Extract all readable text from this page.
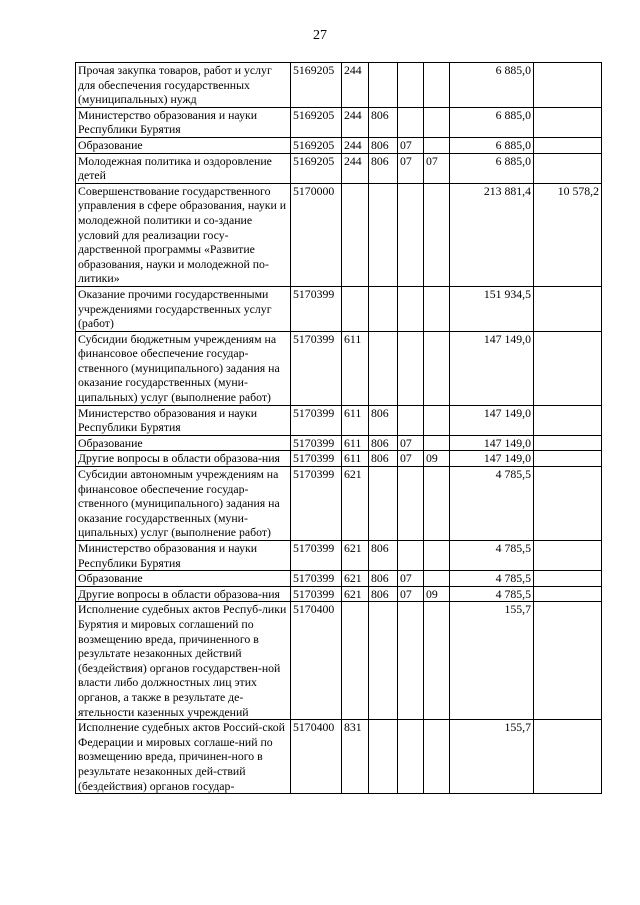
27
Прочая закупка товаров, работ и услуг для обеспечения государственных (муниципальных) нужд	5169205	244				6 885,0	
Министерство образования и науки Республики Бурятия	5169205	244	806			6 885,0	
Образование	5169205	244	806	07		6 885,0	
Молодежная политика и оздоровление детей	5169205	244	806	07	07	6 885,0	
Совершенствование государственного управления в сфере образования, науки и молодежной политики и со-здание условий для реализации госу-дарственной программы «Развитие образования, науки и молодежной по-литики»	5170000					213 881,4	10 578,2
Оказание прочими государственными учреждениями государственных услуг (работ)	5170399					151 934,5	
Субсидии бюджетным учреждениям на финансовое обеспечение государ-ственного (муниципального) задания на оказание государственных (муни-ципальных) услуг (выполнение работ)	5170399	611				147 149,0	
Министерство образования и науки Республики Бурятия	5170399	611	806			147 149,0	
Образование	5170399	611	806	07		147 149,0	
Другие вопросы в области образова-ния	5170399	611	806	07	09	147 149,0	
Субсидии автономным учреждениям на финансовое обеспечение государ-ственного (муниципального) задания на оказание государственных (муни-ципальных) услуг (выполнение работ)	5170399	621				4 785,5	
Министерство образования и науки Республики Бурятия	5170399	621	806			4 785,5	
Образование	5170399	621	806	07		4 785,5	
Другие вопросы в области образова-ния	5170399	621	806	07	09	4 785,5	
Исполнение судебных актов Респуб-лики Бурятия и мировых соглашений по возмещению вреда, причиненного в результате незаконных действий (бездействия) органов государствен-ной власти либо должностных лиц этих органов, а также в результате де-ятельности казенных учреждений	5170400					155,7	
Исполнение судебных актов Россий-ской Федерации и мировых соглаше-ний по возмещению вреда, причинен-ного в результате незаконных дей-ствий (бездействия) органов государ-	5170400	831				155,7	
